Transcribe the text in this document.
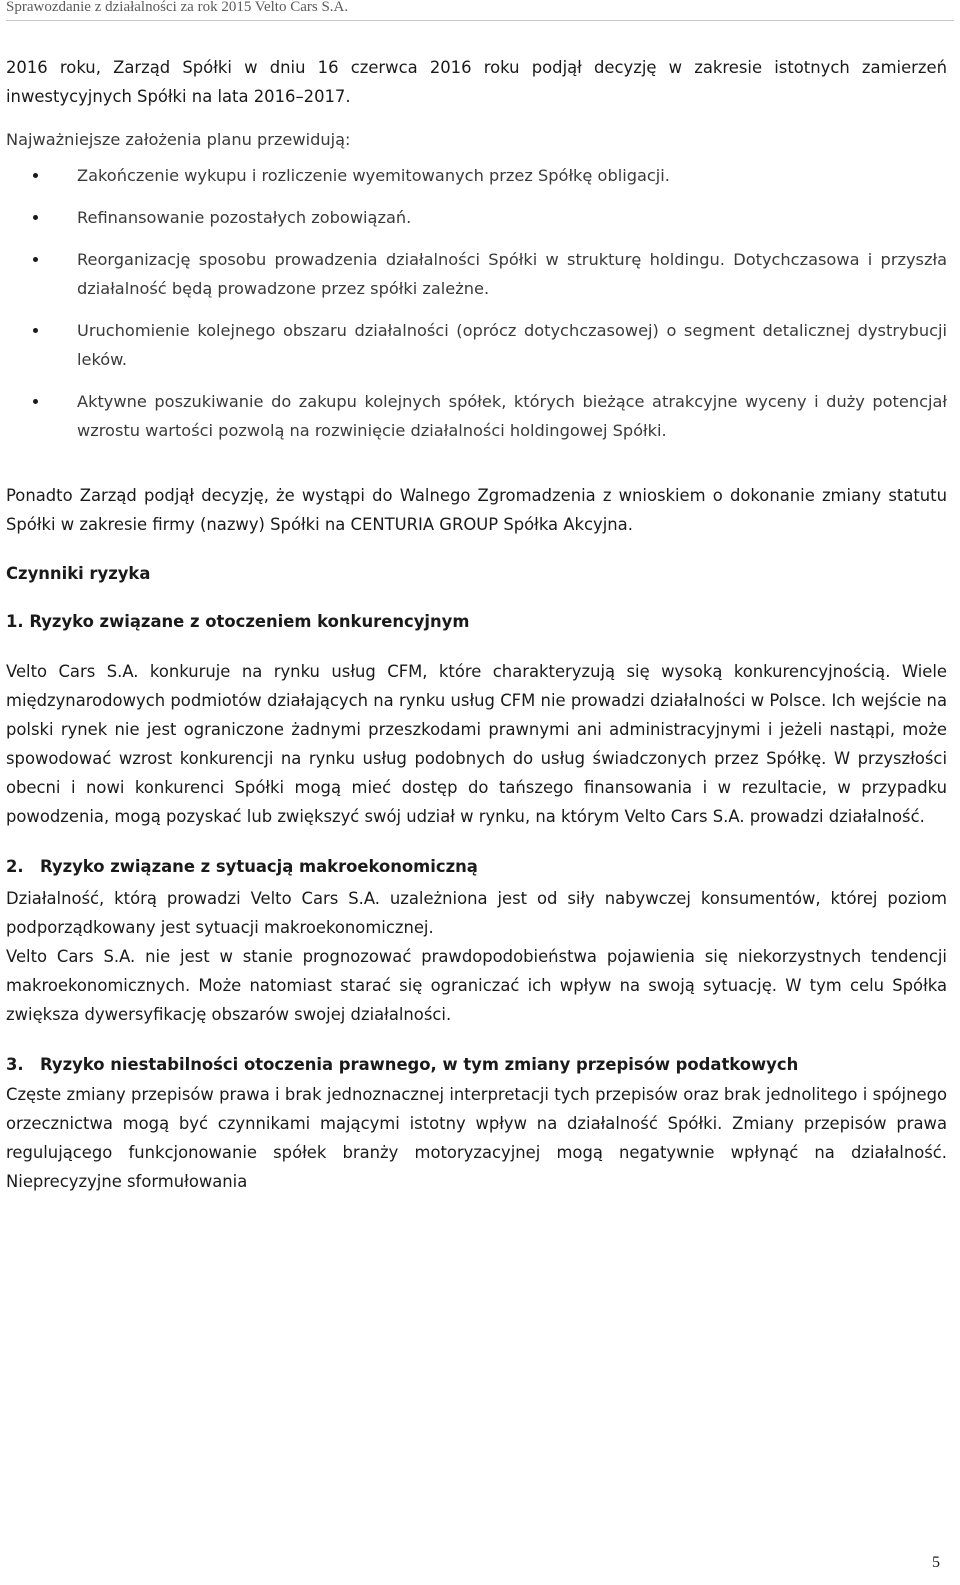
Sprawozdanie z działalności za rok 2015 Velto Cars S.A.

2016 roku, Zarząd Spółki w dniu 16 czerwca 2016 roku podjął decyzję w zakresie istotnych zamierzeń inwestycyjnych Spółki na lata 2016–2017.

Najważniejsze założenia planu przewidują:

Zakończenie wykupu i rozliczenie wyemitowanych przez Spółkę obligacji.
Refinansowanie pozostałych zobowiązań.
Reorganizację sposobu prowadzenia działalności Spółki w strukturę holdingu. Dotychczasowa i przyszła działalność będą prowadzone przez spółki zależne.
Uruchomienie kolejnego obszaru działalności (oprócz dotychczasowej) o segment detalicznej dystrybucji leków.
Aktywne poszukiwanie do zakupu kolejnych spółek, których bieżące atrakcyjne wyceny i duży potencjał wzrostu wartości pozwolą na rozwinięcie działalności holdingowej Spółki.

Ponadto Zarząd podjął decyzję, że wystąpi do Walnego Zgromadzenia z wnioskiem o dokonanie zmiany statutu Spółki w zakresie firmy (nazwy) Spółki na CENTURIA GROUP Spółka Akcyjna.

Czynniki ryzyka
1. Ryzyko związane z otoczeniem konkurencyjnym

Velto Cars S.A. konkuruje na rynku usług CFM, które charakteryzują się wysoką konkurencyjnością. Wiele międzynarodowych podmiotów działających na rynku usług CFM nie prowadzi działalności w Polsce. Ich wejście na polski rynek nie jest ograniczone żadnymi przeszkodami prawnymi ani administracyjnymi i jeżeli nastąpi, może spowodować wzrost konkurencji na rynku usług podobnych do usług świadczonych przez Spółkę. W przyszłości obecni i nowi konkurenci Spółki mogą mieć dostęp do tańszego finansowania i w rezultacie, w przypadku powodzenia, mogą pozyskać lub zwiększyć swój udział w rynku, na którym Velto Cars S.A. prowadzi działalność.

2. Ryzyko związane z sytuacją makroekonomiczną

Działalność, którą prowadzi Velto Cars S.A. uzależniona jest od siły nabywczej konsumentów, której poziom podporządkowany jest sytuacji makroekonomicznej.

Velto Cars S.A. nie jest w stanie prognozować prawdopodobieństwa pojawienia się niekorzystnych tendencji makroekonomicznych. Może natomiast starać się ograniczać ich wpływ na swoją sytuację. W tym celu Spółka zwiększa dywersyfikację obszarów swojej działalności.

3. Ryzyko niestabilności otoczenia prawnego, w tym zmiany przepisów podatkowych

Częste zmiany przepisów prawa i brak jednoznacznej interpretacji tych przepisów oraz brak jednolitego i spójnego orzecznictwa mogą być czynnikami mającymi istotny wpływ na działalność Spółki. Zmiany przepisów prawa regulującego funkcjonowanie spółek branży motoryzacyjnej mogą negatywnie wpłynąć na działalność. Nieprecyzyjne sformułowania

5
